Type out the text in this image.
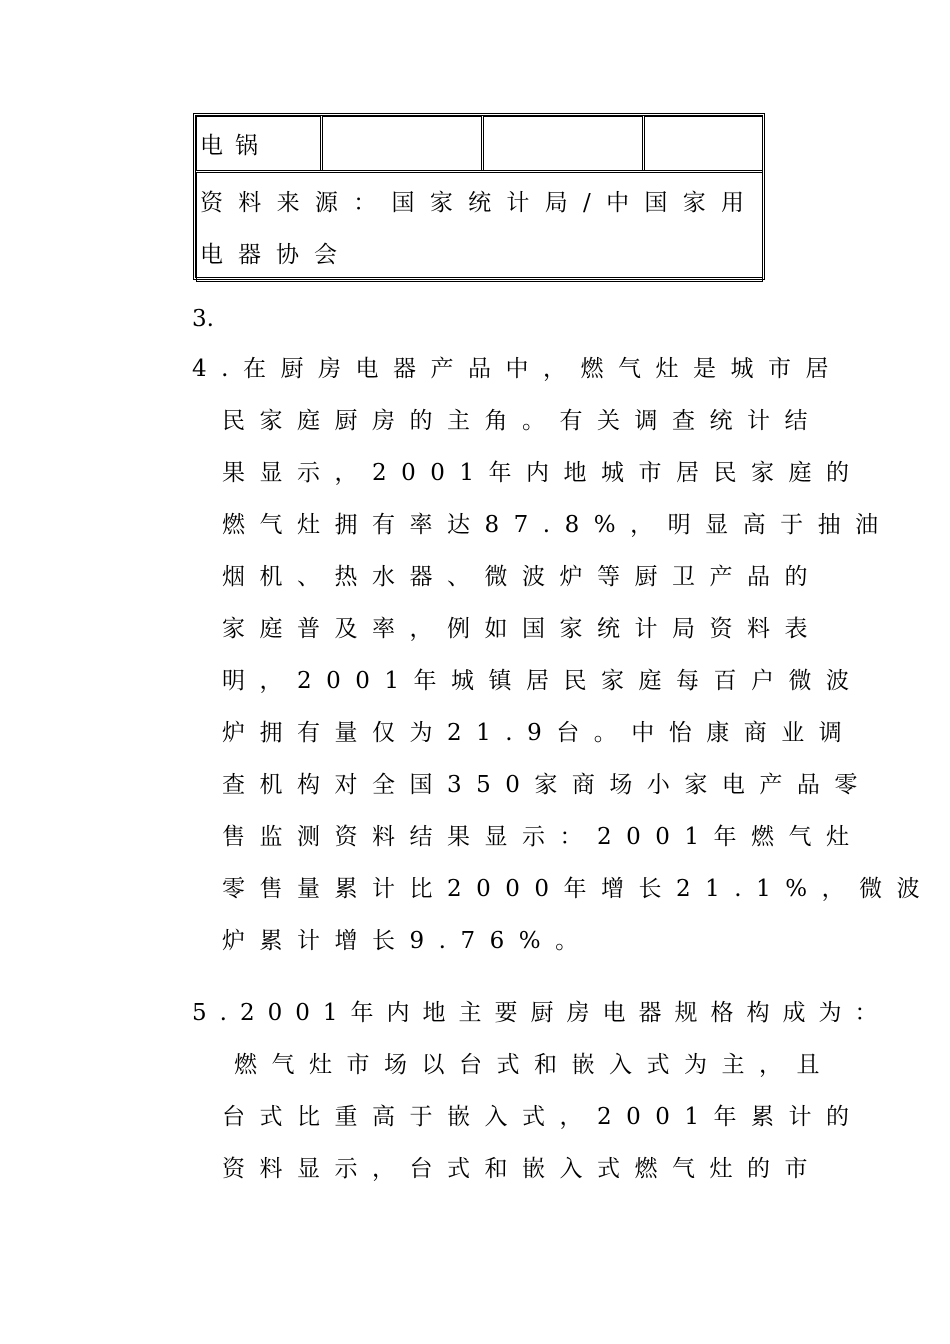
电锅			
资料来源：国家统计局/中国家用电器协会
3.
4.在厨房电器产品中，燃气灶是城市居
民家庭厨房的主角。有关调查统计结
果显示，2001年内地城市居民家庭的
燃气灶拥有率达87.8%，明显高于抽油
烟机、热水器、微波炉等厨卫产品的
家庭普及率，例如国家统计局资料表
明，2001年城镇居民家庭每百户微波
炉拥有量仅为21.9台。中怡康商业调
查机构对全国350家商场小家电产品零
售监测资料结果显示：2001年燃气灶
零售量累计比2000年增长21.1%，微波
炉累计增长9.76%。
5.2001年内地主要厨房电器规格构成为：
燃气灶市场以台式和嵌入式为主，且
台式比重高于嵌入式，2001年累计的
资料显示，台式和嵌入式燃气灶的市
